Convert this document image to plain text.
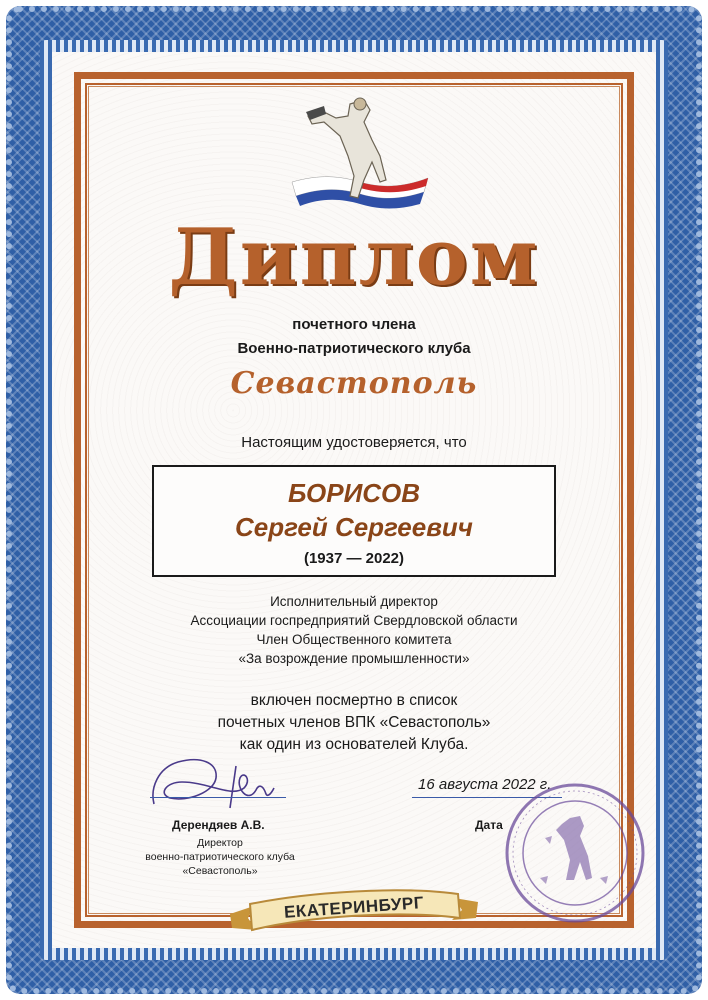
Диплом
почетного члена
Военно-патриотического клуба
Севастополь
Настоящим удостоверяется, что
БОРИСОВ
Сергей Сергеевич
(1937 — 2022)
Исполнительный директор
Ассоциации госпредприятий Свердловской области
Член Общественного комитета
«За возрождение промышленности»
включен посмертно в список
почетных членов ВПК «Севастополь»
как один из основателей Клуба.
Дерендяев А.В.
Директор
военно-патриотического клуба
«Севастополь»
16 августа 2022 г.
Дата
ЕКАТЕРИНБУРГ
